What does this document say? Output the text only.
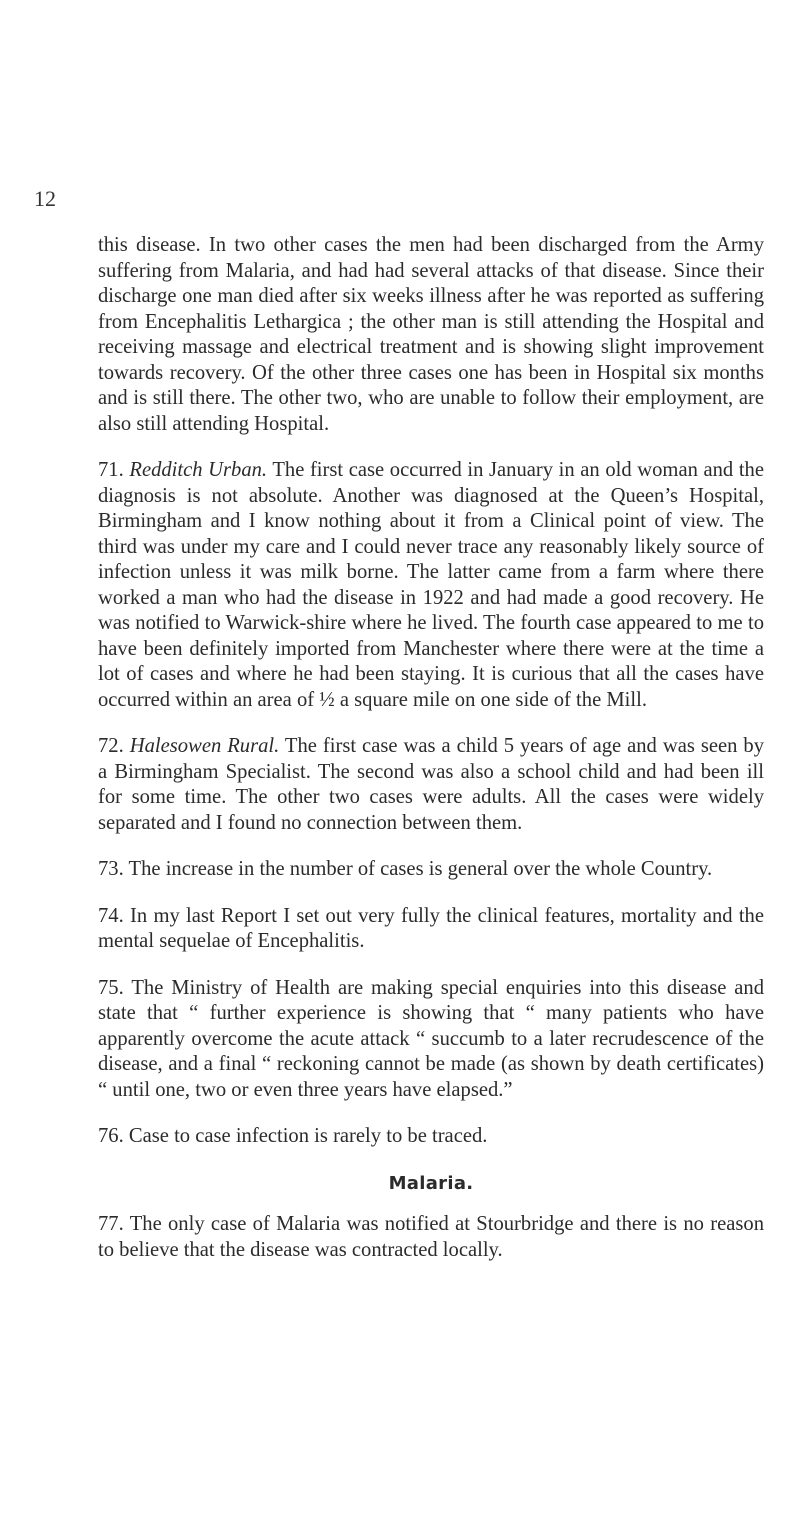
12

this disease. In two other cases the men had been discharged from the Army suffering from Malaria, and had had several attacks of that disease. Since their discharge one man died after six weeks illness after he was reported as suffering from Encephalitis Lethargica ; the other man is still attending the Hospital and receiving massage and electrical treatment and is showing slight improvement towards recovery. Of the other three cases one has been in Hospital six months and is still there. The other two, who are unable to follow their employment, are also still attending Hospital.

71. Redditch Urban. The first case occurred in January in an old woman and the diagnosis is not absolute. Another was diagnosed at the Queen’s Hospital, Birmingham and I know nothing about it from a Clinical point of view. The third was under my care and I could never trace any reasonably likely source of infection unless it was milk borne. The latter came from a farm where there worked a man who had the disease in 1922 and had made a good recovery. He was notified to Warwick-shire where he lived. The fourth case appeared to me to have been definitely imported from Manchester where there were at the time a lot of cases and where he had been staying. It is curious that all the cases have occurred within an area of ½ a square mile on one side of the Mill.

72. Halesowen Rural. The first case was a child 5 years of age and was seen by a Birmingham Specialist. The second was also a school child and had been ill for some time. The other two cases were adults. All the cases were widely separated and I found no connection between them.

73. The increase in the number of cases is general over the whole Country.

74. In my last Report I set out very fully the clinical features, mortality and the mental sequelae of Encephalitis.

75. The Ministry of Health are making special enquiries into this disease and state that “ further experience is showing that “ many patients who have apparently overcome the acute attack “ succumb to a later recrudescence of the disease, and a final “ reckoning cannot be made (as shown by death certificates) “ until one, two or even three years have elapsed.”

76. Case to case infection is rarely to be traced.

Malaria.

77. The only case of Malaria was notified at Stourbridge and there is no reason to believe that the disease was contracted locally.
